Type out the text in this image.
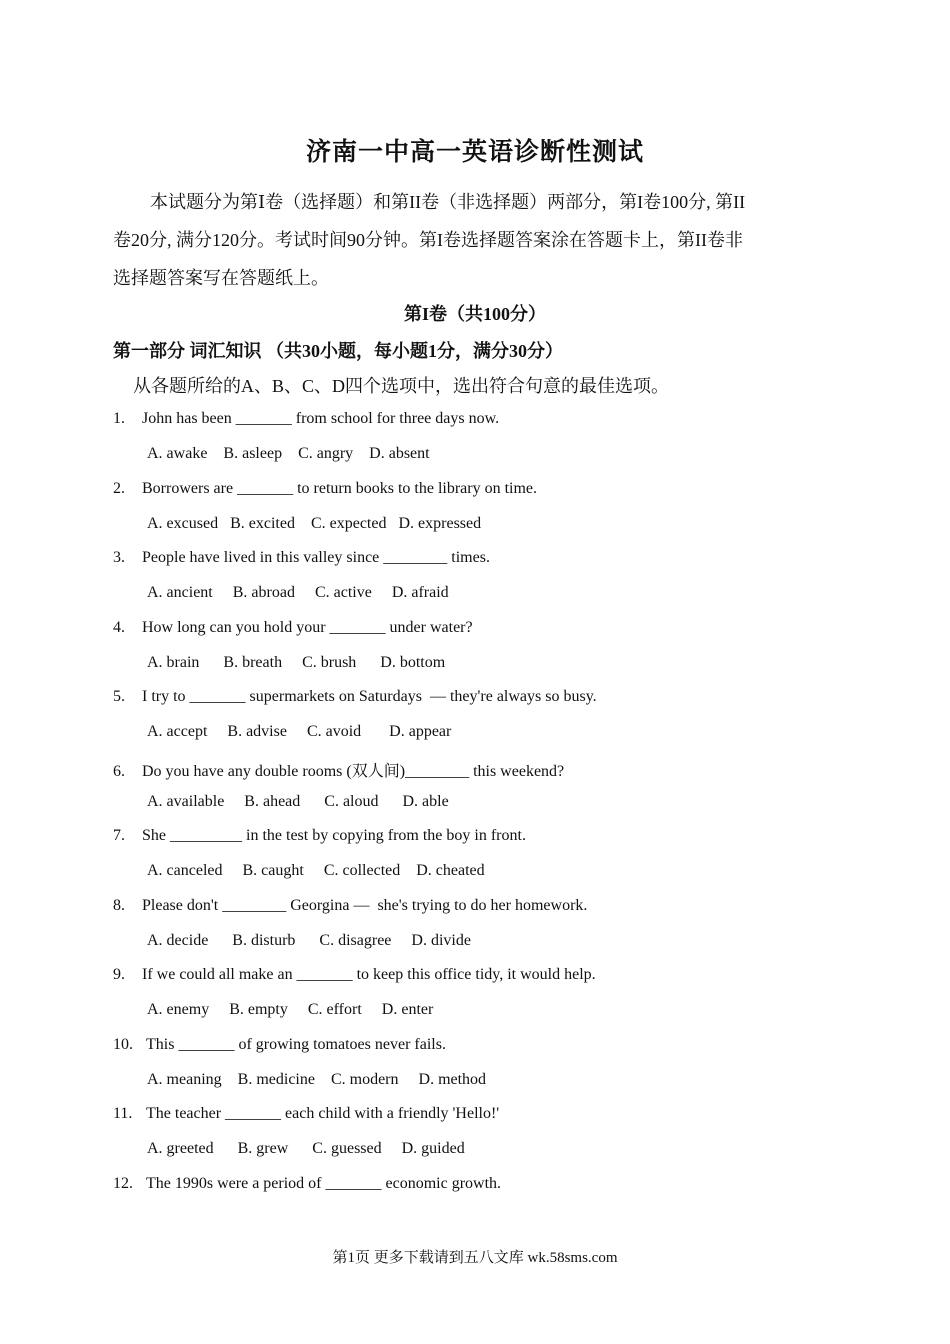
济南一中高一英语诊断性测试

本试题分为第Ⅰ卷（选择题）和第II卷（非选择题）两部分，第I卷100分, 第II

卷20分, 满分120分。考试时间90分钟。第I卷选择题答案涂在答题卡上，第II卷非
选择题答案写在答题纸上。
第I卷（共100分）
第一部分 词汇知识 （共30小题，每小题1分，满分30分）
从各题所给的A、B、C、D四个选项中，选出符合句意的最佳选项。
1. John has been _______ from school for three days now.
A. awake    B. asleep    C. angry    D. absent
2. Borrowers are _______ to return books to the library on time.
A. excused   B. excited    C. expected   D. expressed
3. People have lived in this valley since ________ times.
A. ancient     B. abroad     C. active     D. afraid
4. How long can you hold your _______ under water?
A. brain      B. breath     C. brush      D. bottom
5. I try to _______ supermarkets on Saturdays  — they're always so busy.
A. accept     B. advise     C. avoid       D. appear
6. Do you have any double rooms (双人间)________ this weekend?
A. available     B. ahead      C. aloud      D. able
7. She _________ in the test by copying from the boy in front.
A. canceled     B. caught     C. collected    D. cheated
8. Please don't ________ Georgina —  she's trying to do her homework.
A. decide      B. disturb      C. disagree     D. divide
9. If we could all make an _______ to keep this office tidy, it would help.
A. enemy     B. empty     C. effort     D. enter
10. This _______ of growing tomatoes never fails.
A. meaning    B. medicine    C. modern     D. method
11. The teacher _______ each child with a friendly 'Hello!'
A. greeted      B. grew      C. guessed     D. guided
12. The 1990s were a period of _______ economic growth.
第1页 更多下载请到五八文库 wk.58sms.com
